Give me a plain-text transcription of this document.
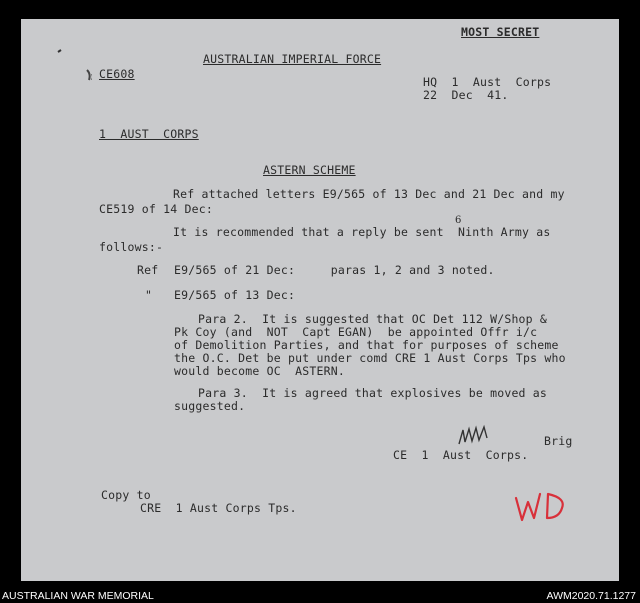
MOST SECRET
AUSTRALIAN IMPERIAL FORCE
CE608
HQ  1  Aust  Corps
22  Dec  41.
1  AUST  CORPS
ASTERN SCHEME
Ref attached letters E9/565 of 13 Dec and 21 Dec and my
CE519 of 14 Dec:
It is recommended that a reply be sent  Ninth Army as
6
follows:-
Ref E9/565 of 21 Dec:     paras 1, 2 and 3 noted.
" E9/565 of 13 Dec:
Para 2.  It is suggested that OC Det 112 W/Shop &
Pk Coy (and  NOT  Capt EGAN)  be appointed Offr i/c
of Demolition Parties, and that for purposes of scheme
the O.C. Det be put under comd CRE 1 Aust Corps Tps who
would become OC  ASTERN.
Para 3.  It is agreed that explosives be moved as
suggested.
Brig
CE  1  Aust  Corps.
Copy to
CRE  1 Aust Corps Tps.
AUSTRALIAN WAR MEMORIAL	AWM2020.71.1277
